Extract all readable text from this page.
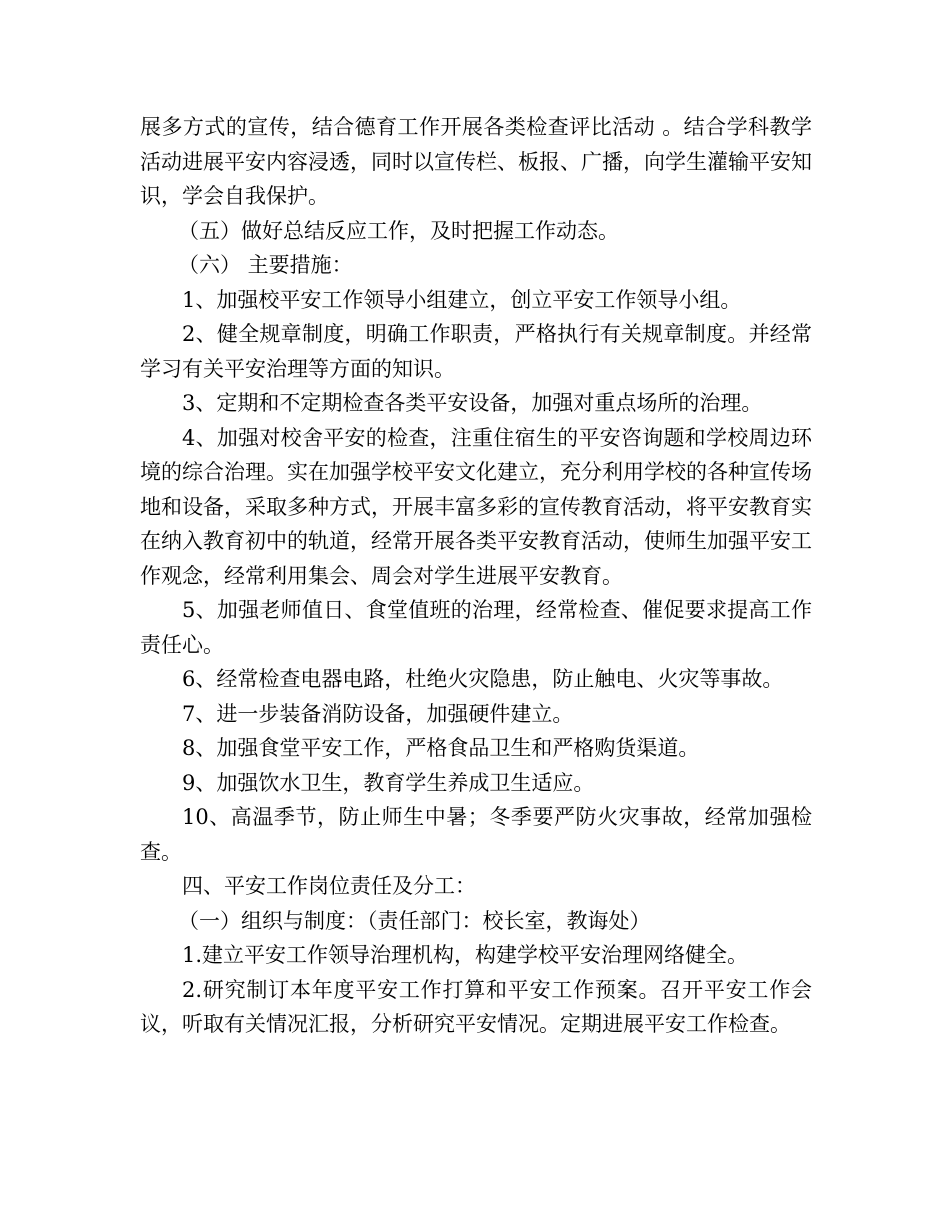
展多方式的宣传，结合德育工作开展各类检查评比活动 。结合学科教学活动进展平安内容浸透，同时以宣传栏、板报、广播，向学生灌输平安知识，学会自我保护。

（五）做好总结反应工作，及时把握工作动态。

（六） 主要措施：

1、加强校平安工作领导小组建立，创立平安工作领导小组。

2、健全规章制度，明确工作职责，严格执行有关规章制度。并经常学习有关平安治理等方面的知识。

3、定期和不定期检查各类平安设备，加强对重点场所的治理。

4、加强对校舍平安的检查，注重住宿生的平安咨询题和学校周边环境的综合治理。实在加强学校平安文化建立，充分利用学校的各种宣传场地和设备，采取多种方式，开展丰富多彩的宣传教育活动，将平安教育实在纳入教育初中的轨道，经常开展各类平安教育活动，使师生加强平安工作观念，经常利用集会、周会对学生进展平安教育。

5、加强老师值日、食堂值班的治理，经常检查、催促要求提高工作责任心。

6、经常检查电器电路，杜绝火灾隐患，防止触电、火灾等事故。

7、进一步装备消防设备，加强硬件建立。

8、加强食堂平安工作，严格食品卫生和严格购货渠道。

9、加强饮水卫生，教育学生养成卫生适应。

10、高温季节，防止师生中暑；冬季要严防火灾事故，经常加强检查。

四、平安工作岗位责任及分工：

（一）组织与制度：（责任部门：校长室，教诲处）

1.建立平安工作领导治理机构，构建学校平安治理网络健全。

2.研究制订本年度平安工作打算和平安工作预案。召开平安工作会议，听取有关情况汇报，分析研究平安情况。定期进展平安工作检查。
